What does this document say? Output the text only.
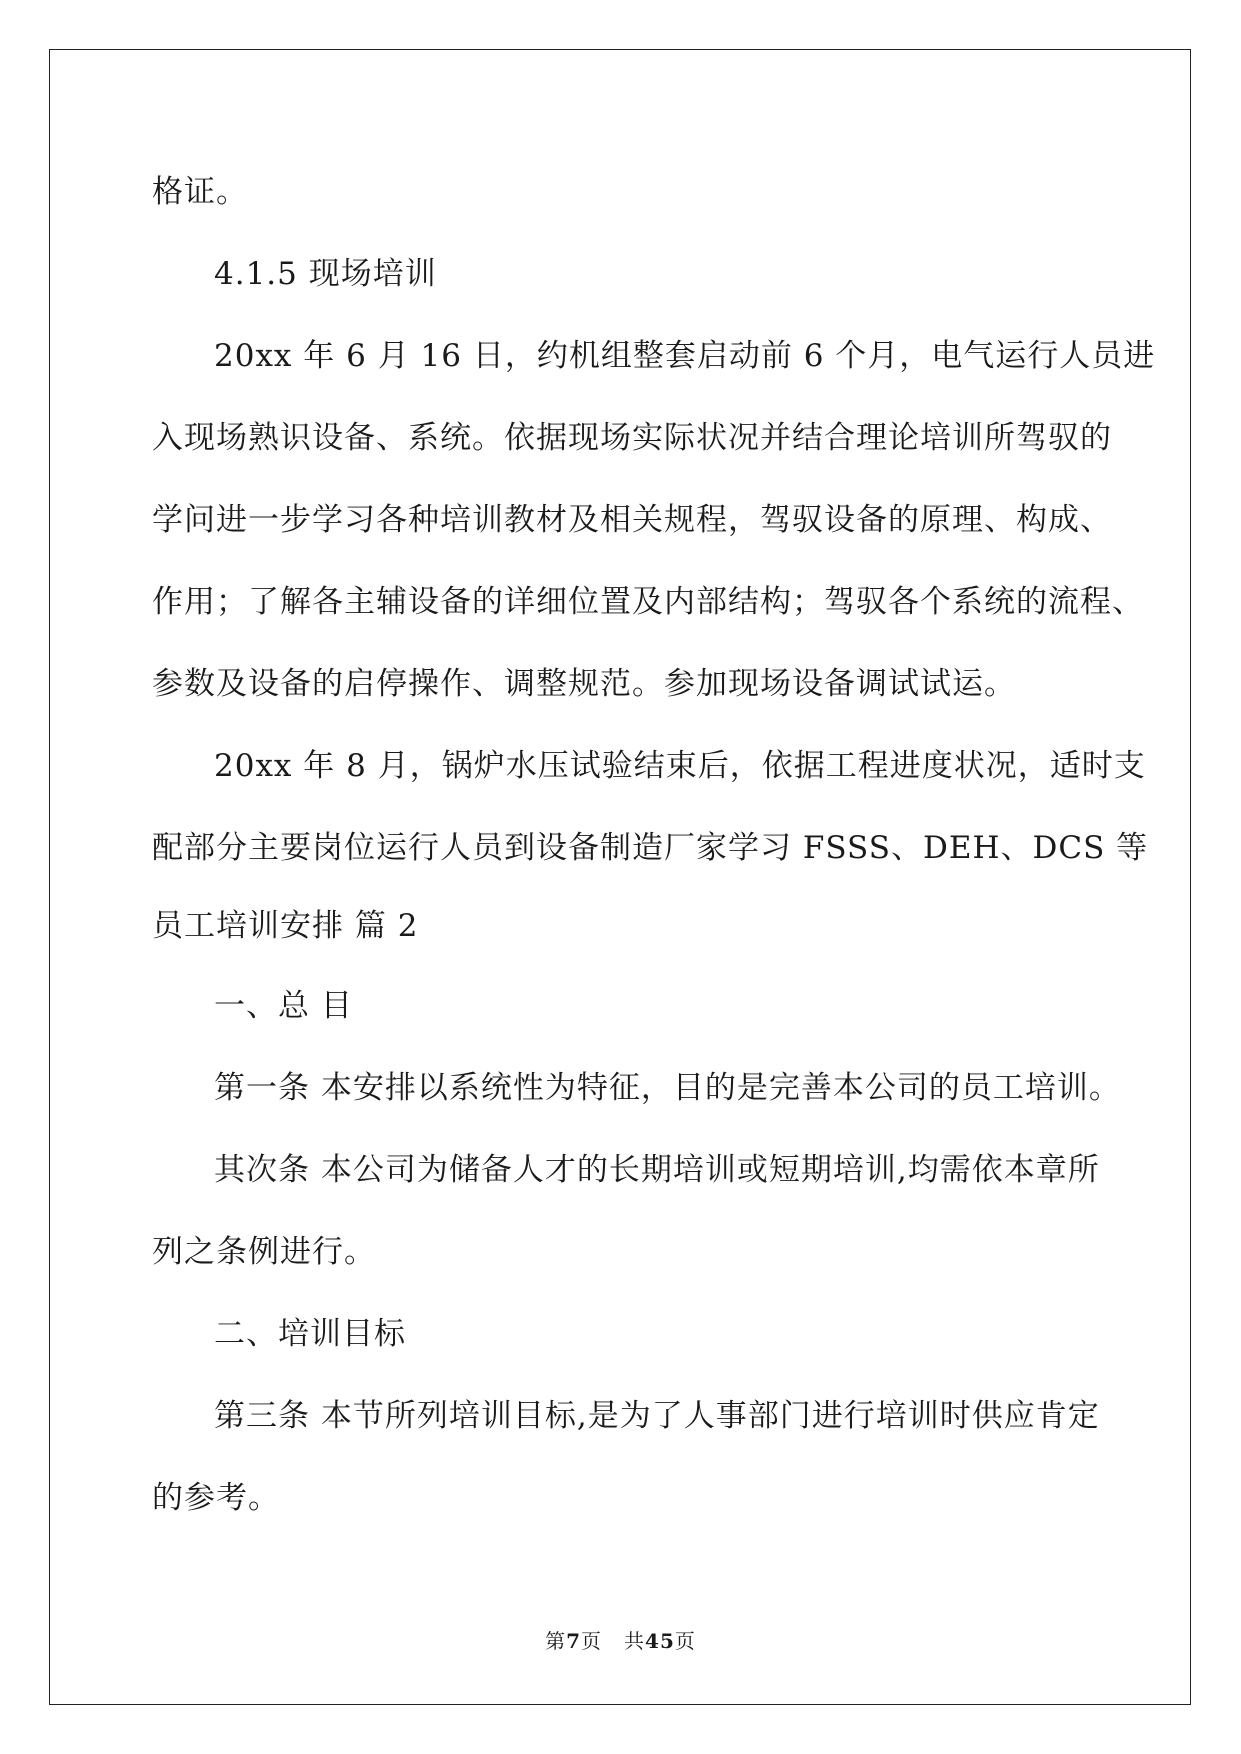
格证。
4.1.5 现场培训
20xx 年 6 月 16 日，约机组整套启动前 6 个月，电气运行人员进
入现场熟识设备、系统。依据现场实际状况并结合理论培训所驾驭的
学问进一步学习各种培训教材及相关规程，驾驭设备的原理、构成、
作用；了解各主辅设备的详细位置及内部结构；驾驭各个系统的流程、
参数及设备的启停操作、调整规范。参加现场设备调试试运。
20xx 年 8 月，锅炉水压试验结束后，依据工程进度状况，适时支
配部分主要岗位运行人员到设备制造厂家学习 FSSS、DEH、DCS 等
员工培训安排 篇 2
一、总 目
第一条 本安排以系统性为特征，目的是完善本公司的员工培训。
其次条 本公司为储备人才的长期培训或短期培训,均需依本章所
列之条例进行。
二、培训目标
第三条 本节所列培训目标,是为了人事部门进行培训时供应肯定
的参考。
第7页 共45页
